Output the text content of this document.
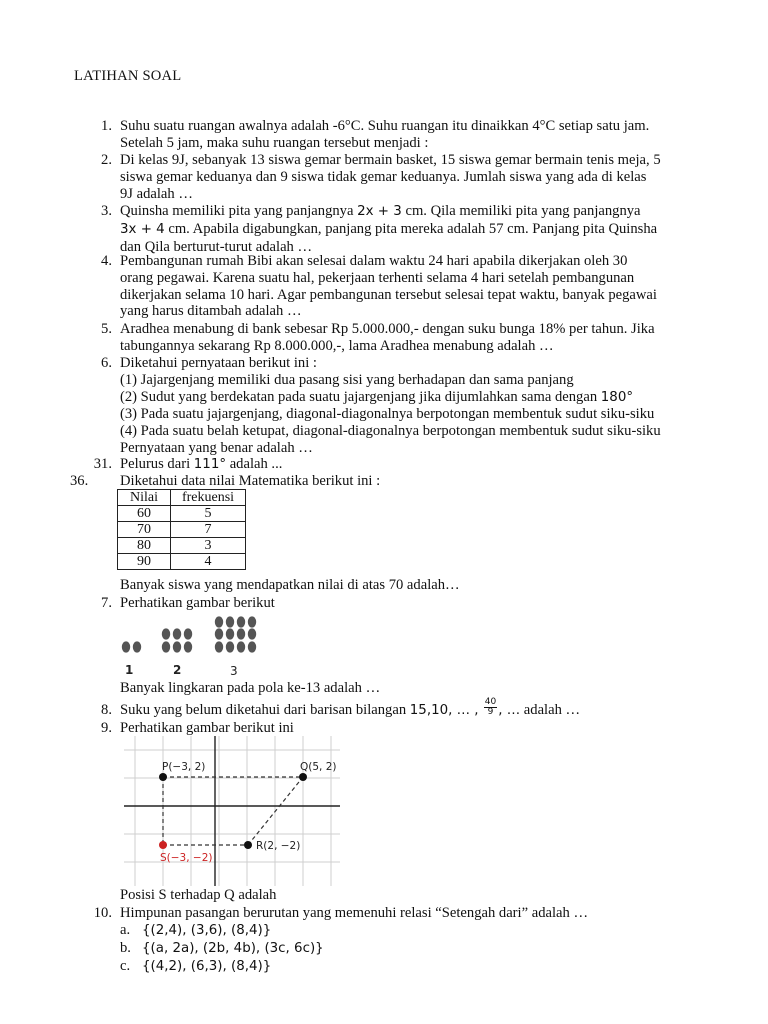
LATIHAN SOAL
1. Suhu suatu ruangan awalnya adalah -6°C. Suhu ruangan itu dinaikkan 4°C setiap satu jam.
Setelah 5 jam, maka suhu ruangan tersebut menjadi :
2. Di kelas 9J, sebanyak 13 siswa gemar bermain basket, 15 siswa gemar bermain tenis meja, 5
siswa gemar keduanya dan 9 siswa tidak gemar keduanya. Jumlah siswa yang ada di kelas
9J adalah …
3. Quinsha memiliki pita yang panjangnya 2x + 3 cm. Qila memiliki pita yang panjangnya
3x + 4 cm. Apabila digabungkan, panjang pita mereka adalah 57 cm. Panjang pita Quinsha
dan Qila berturut-turut adalah …
4. Pembangunan rumah Bibi akan selesai dalam waktu 24 hari apabila dikerjakan oleh 30
orang pegawai. Karena suatu hal, pekerjaan terhenti selama 4 hari setelah pembangunan
dikerjakan selama 10 hari. Agar pembangunan tersebut selesai tepat waktu, banyak pegawai
yang harus ditambah adalah …
5. Aradhea menabung di bank sebesar Rp 5.000.000,- dengan suku bunga 18% per tahun. Jika
tabungannya sekarang Rp 8.000.000,-, lama Aradhea menabung adalah …
6. Diketahui pernyataan berikut ini :
(1) Jajargenjang memiliki dua pasang sisi yang berhadapan dan sama panjang
(2) Sudut yang berdekatan pada suatu jajargenjang jika dijumlahkan sama dengan 180°
(3) Pada suatu jajargenjang, diagonal-diagonalnya berpotongan membentuk sudut siku-siku
(4) Pada suatu belah ketupat, diagonal-diagonalnya berpotongan membentuk sudut siku-siku
Pernyataan yang benar adalah …
31. Pelurus dari 111° adalah ...
36.	Diketahui data nilai Matematika berikut ini :
Nilai	frekuensi
60	5
70	7
80	3
90	4
Banyak siswa yang mendapatkan nilai di atas 70 adalah…
7. Perhatikan gambar berikut
1	2	3
Banyak lingkaran pada pola ke-13 adalah …
8. Suku yang belum diketahui dari barisan bilangan 15,10, … , $\frac{40}{9}$ , … adalah …
9. Perhatikan gambar berikut ini
P(−3, 2)	Q(5, 2)
R(2, −2)
S(−3, −2)
Posisi S terhadap Q adalah
10. Himpunan pasangan berurutan yang memenuhi relasi “Setengah dari” adalah …
a. {(2,4), (3,6), (8,4)}
b. {(a, 2a), (2b, 4b), (3c, 6c)}
c. {(4,2), (6,3), (8,4)}
